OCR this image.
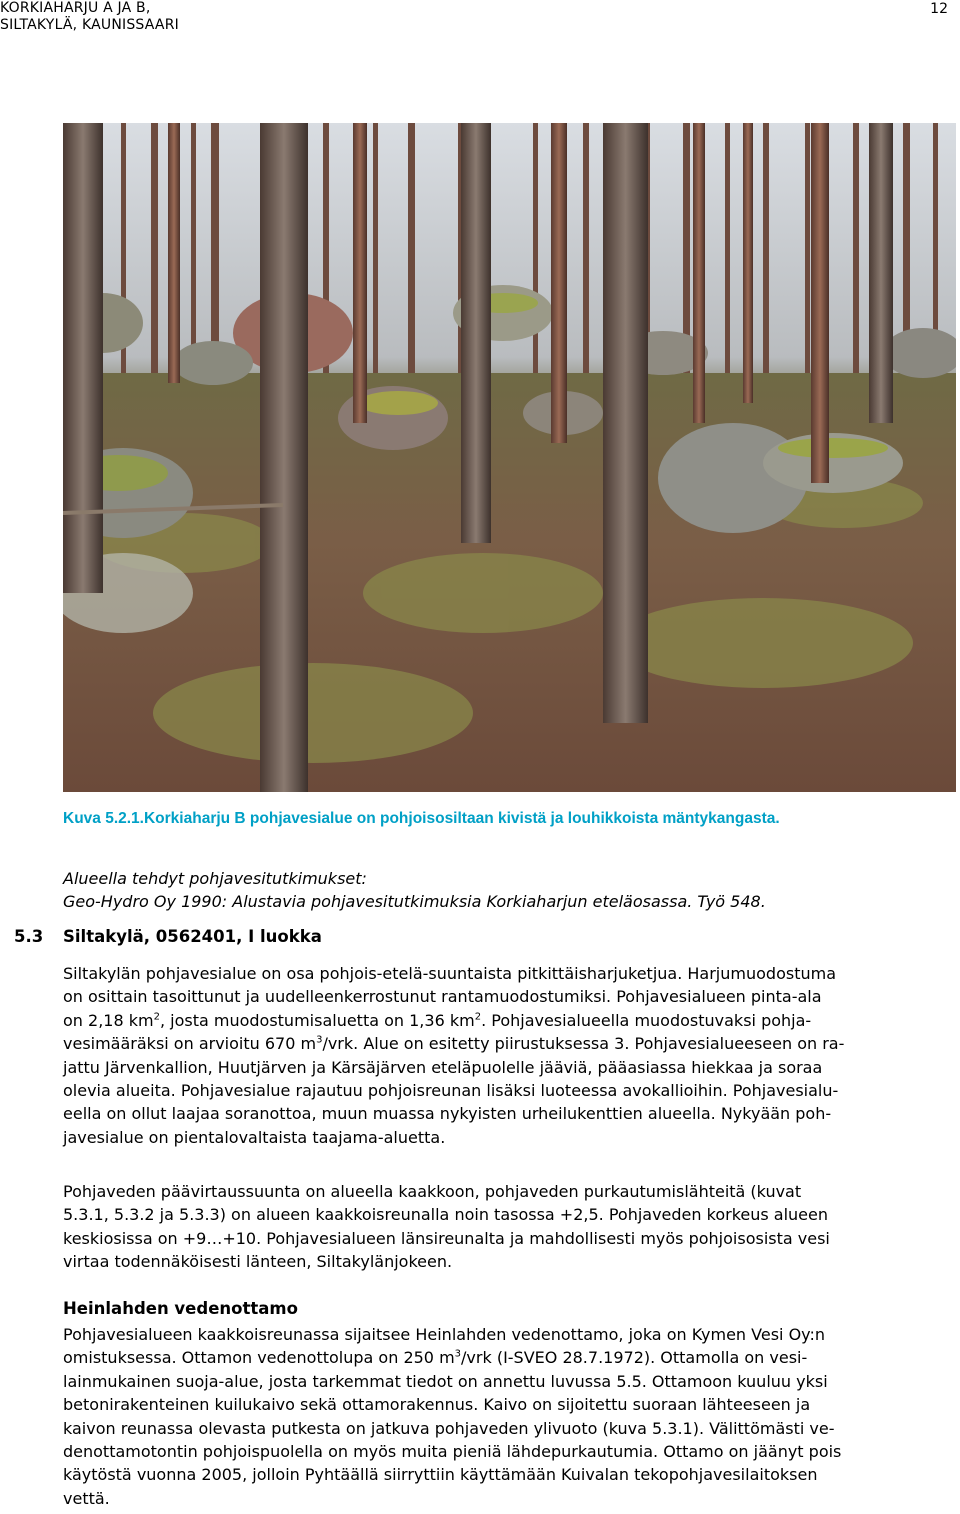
KORKIAHARJU A JA B,
SILTAKYLÄ, KAUNISSAARI
12
Kuva 5.2.1.Korkiaharju B pohjavesialue on pohjoisosiltaan kivistä ja louhikkoista mäntykangasta.
Alueella tehdyt pohjavesitutkimukset:
Geo-Hydro Oy 1990: Alustavia pohjavesitutkimuksia Korkiaharjun eteläosassa. Työ 548.
5.3 Siltakylä, 0562401, I luokka
Siltakylän pohjavesialue on osa pohjois-etelä-suuntaista pitkittäisharjuketjua. Harjumuodostuma
on osittain tasoittunut ja uudelleenkerrostunut rantamuodostumiksi. Pohjavesialueen pinta-ala
on 2,18 $km^2$, josta muodostumisaluetta on 1,36 $km^2$. Pohjavesialueella muodostuvaksi pohja-
vesimääräksi on arvioitu 670 $m^3$/vrk. Alue on esitetty piirustuksessa 3. Pohjavesialueeseen on ra-
jattu Järvenkallion, Huutjärven ja Kärsäjärven eteläpuolelle jääviä, pääasiassa hiekkaa ja soraa
olevia alueita. Pohjavesialue rajautuu pohjoisreunan lisäksi luoteessa avokallioihin. Pohjavesialu-
eella on ollut laajaa soranottoa, muun muassa nykyisten urheilukenttien alueella. Nykyään poh-
javesialue on pientalovaltaista taajama-aluetta.
Pohjaveden päävirtaussuunta on alueella kaakkoon, pohjaveden purkautumislähteitä (kuvat
5.3.1, 5.3.2 ja 5.3.3) on alueen kaakkoisreunalla noin tasossa +2,5. Pohjaveden korkeus alueen
keskiosissa on +9…+10. Pohjavesialueen länsireunalta ja mahdollisesti myös pohjoisosista vesi
virtaa todennäköisesti länteen, Siltakylänjokeen.
Heinlahden vedenottamo
Pohjavesialueen kaakkoisreunassa sijaitsee Heinlahden vedenottamo, joka on Kymen Vesi Oy:n
omistuksessa. Ottamon vedenottolupa on 250 $m^3$/vrk (I-SVEO 28.7.1972). Ottamolla on vesi-
lainmukainen suoja-alue, josta tarkemmat tiedot on annettu luvussa 5.5. Ottamoon kuuluu yksi
betonirakenteinen kuilukaivo sekä ottamorakennus. Kaivo on sijoitettu suoraan lähteeseen ja
kaivon reunassa olevasta putkesta on jatkuva pohjaveden ylivuoto (kuva 5.3.1). Välittömästi ve-
denottamotontin pohjoispuolella on myös muita pieniä lähdepurkautumia. Ottamo on jäänyt pois
käytöstä vuonna 2005, jolloin Pyhtäällä siirryttiin käyttämään Kuivalan tekopohjavesilaitoksen
vettä.
